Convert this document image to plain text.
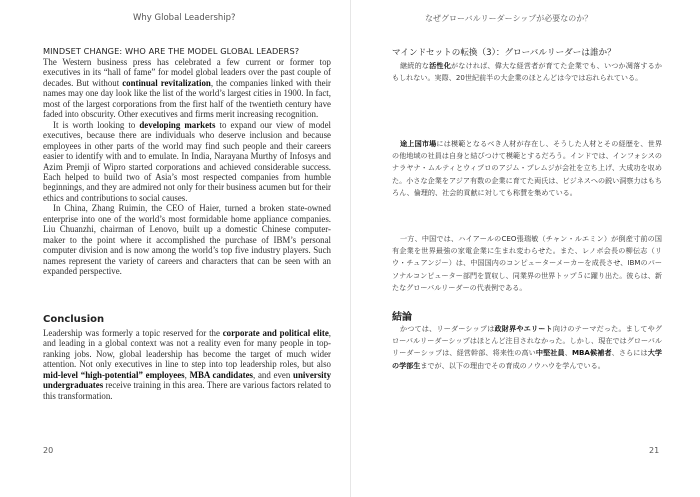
Why Global Leadership?
MINDSET CHANGE: WHO ARE THE MODEL GLOBAL LEADERS?

The Western business press has celebrated a few current or former top executives in its “hall of fame” for model global leaders over the past couple of decades. But without continual revitalization, the companies linked with their names may one day look like the list of the world’s largest cities in 1900. In fact, most of the largest corporations from the first half of the twentieth century have faded into obscurity. Other executives and firms merit increasing recognition.

It is worth looking to developing markets to expand our view of model executives, because there are individuals who deserve inclusion and because employees in other parts of the world may find such people and their careers easier to identify with and to emulate. In India, Narayana Murthy of Infosys and Azim Premji of Wipro started corporations and achieved considerable success. Each helped to build two of Asia’s most respected companies from humble beginnings, and they are admired not only for their business acumen but for their ethics and contributions to social causes.

In China, Zhang Ruimin, the CEO of Haier, turned a broken state-owned enterprise into one of the world’s most formidable home appliance companies. Liu Chuanzhi, chairman of Lenovo, built up a domestic Chinese computer-maker to the point where it accomplished the purchase of IBM’s personal computer division and is now among the world’s top five industry players. Such names represent the variety of careers and characters that can be seen with an expanded perspective.

Conclusion

Leadership was formerly a topic reserved for the corporate and political elite, and leading in a global context was not a reality even for many people in top-ranking jobs. Now, global leadership has become the target of much wider attention. Not only executives in line to step into top leadership roles, but also mid-level “high-potential” employees, MBA candidates, and even university undergraduates receive training in this area. There are various factors related to this transformation.

20
なぜグローバルリーダーシップが必要なのか？
マインドセットの転換（3）：グローバルリーダーは誰か？

継続的な活性化がなければ、偉大な経営者が育てた企業でも、いつか凋落するかもしれない。実際、20世紀前半の大企業のほとんどは今では忘れられている。

途上国市場には模範となるべき人材が存在し、そうした人材とその経歴を、世界の他地域の社員は自身と結びつけて模範とするだろう。インドでは、インフォシスのナラヤナ・ムルティとウィプロのアジム・プレムジが会社を立ち上げ、大成功を収めた。小さな企業をアジア有数の企業に育てた両氏は、ビジネスへの鋭い洞察力はもちろん、倫理的、社会的貢献に対しても称賛を集めている。

一方、中国では、ハイアールのCEO張瑞敏（チャン・ルエミン）が倒産寸前の国有企業を世界最強の家電企業に生まれ変わらせた。また、レノボ会長の柳伝志（リウ・チュアンジー）は、中国国内のコンピューターメーカーを成長させ、IBMのパーソナルコンピューター部門を買収し、同業界の世界トップ５に躍り出た。彼らは、新たなグローバルリーダーの代表例である。

結論

かつては、リーダーシップは政財界やエリート向けのテーマだった。ましてやグローバルリーダーシップはほとんど注目されなかった。しかし、現在ではグローバルリーダーシップは、経営幹部、将来性の高い中堅社員、MBA候補者、さらには大学の学部生までが、以下の理由でその育成のノウハウを学んでいる。

21
